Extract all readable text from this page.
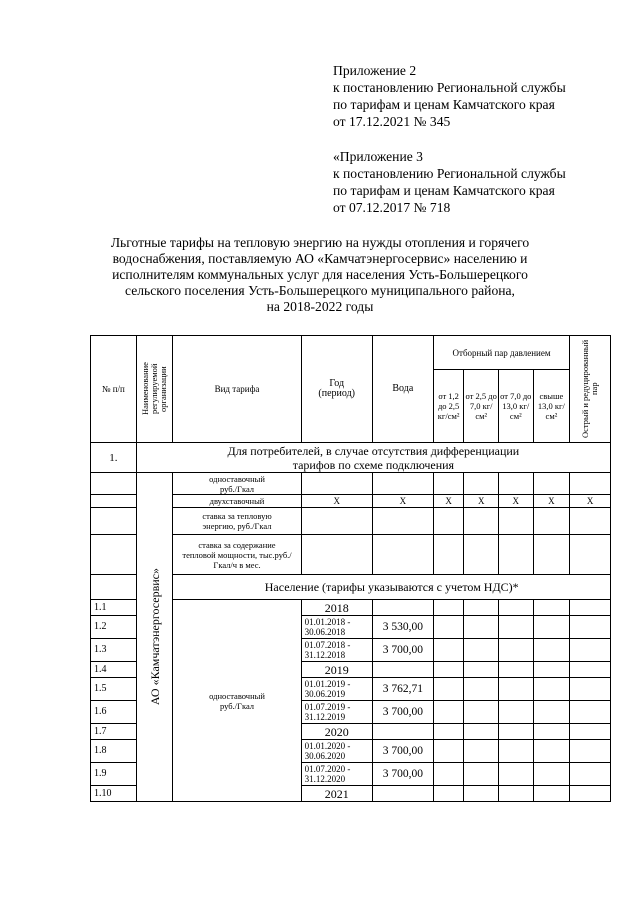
Приложение 2
к постановлению Региональной службы
по тарифам и ценам Камчатского края
от 17.12.2021 № 345
«Приложение 3
к постановлению Региональной службы
по тарифам и ценам Камчатского края
от 07.12.2017 № 718
Льготные тарифы на тепловую энергию на нужды отопления и горячего
водоснабжения, поставляемую АО «Камчатэнергосервис» населению и
исполнителям коммунальных услуг для населения Усть-Большерецкого
сельского поселения Усть-Большерецкого муниципального района,
на 2018-2022 годы
№ п/п	Наименование регулируемой организации	Вид тарифа	Год (период)	Вода	Отборный пар давлением				Острый и редуцированный пар

					от 1,2 до 2,5 кг/см²	от 2,5 до 7,0 кг/см²	от 7,0 до 13,0 кг/см²	свыше 13,0 кг/см²	
1.	Для потребителей, в случае отсутствия дифференциации тарифов по схеме подключения								

	АО «Камчатэнергосервис»	одноставочный руб./Гкал							
		двухставочный	Х	Х	Х	Х	Х	Х	Х
		ставка за тепловую энергию, руб./Гкал							
		ставка за содержание тепловой мощности, тыс.руб./Гкал/ч в мес.							
		Население (тарифы указываются с учетом НДС)*							
1.1		одноставочный руб./Гкал	2018						
1.2			01.01.2018 - 30.06.2018	3 530,00					
1.3			01.07.2018 - 31.12.2018	3 700,00					
1.4			2019						
1.5			01.01.2019 - 30.06.2019	3 762,71					
1.6			01.07.2019 - 31.12.2019	3 700,00					
1.7			2020						
1.8			01.01.2020 - 30.06.2020	3 700,00					
1.9			01.07.2020 - 31.12.2020	3 700,00					
1.10			2021						
